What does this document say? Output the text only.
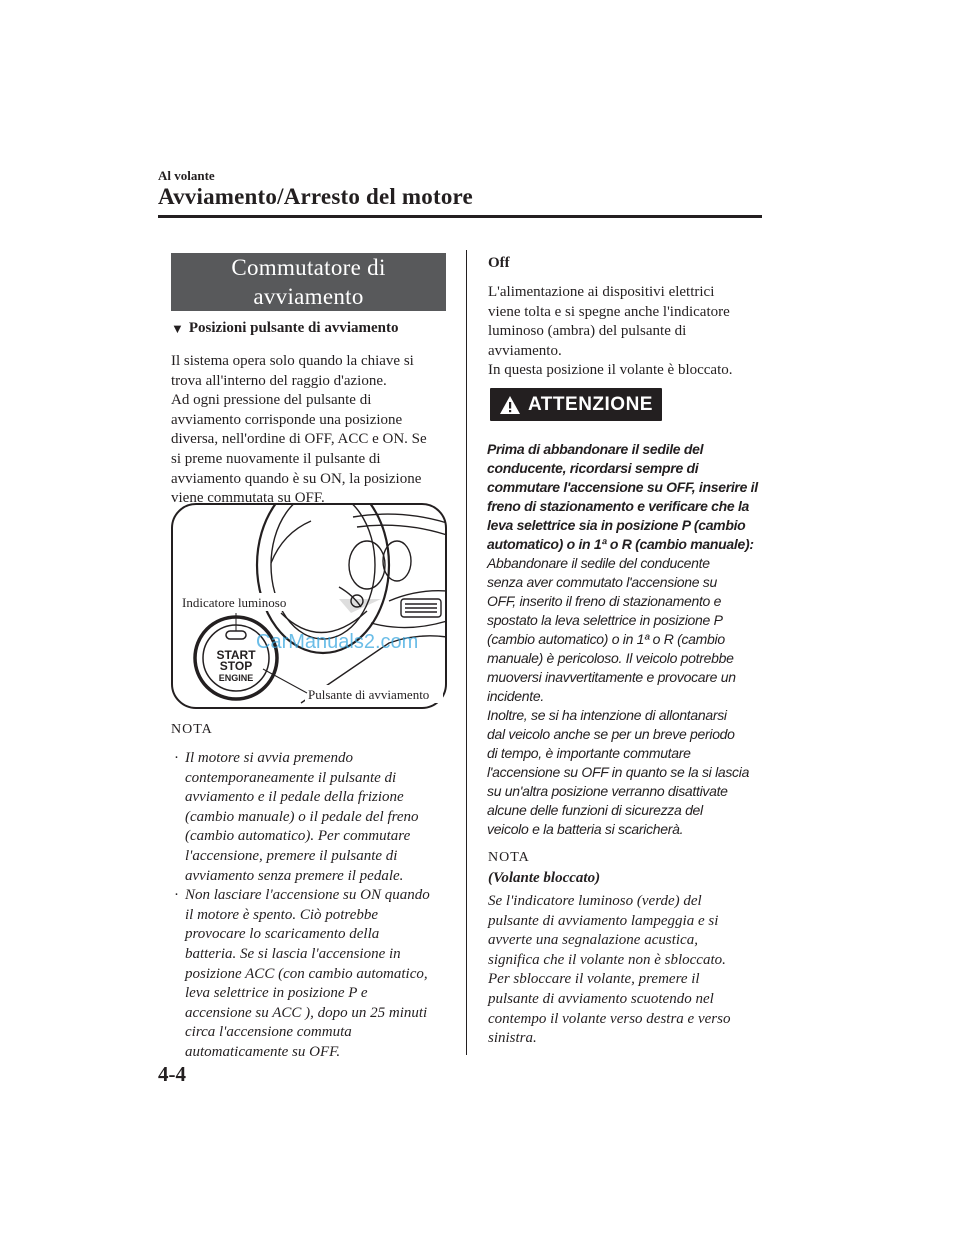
Al volante
Avviamento/Arresto del motore
Commutatore di
avviamento
▼ Posizioni pulsante di avviamento
Il sistema opera solo quando la chiave si
trova all'interno del raggio d'azione.
Ad ogni pressione del pulsante di
avviamento corrisponde una posizione
diversa, nell'ordine di OFF, ACC e ON. Se
si preme nuovamente il pulsante di
avviamento quando è su ON, la posizione
viene commutata su OFF.
START
STOP
ENGINE
Indicatore luminoso
Pulsante di avviamento
CarManuals2.com
NOTA
· Il motore si avvia premendo
contemporaneamente il pulsante di
avviamento e il pedale della frizione
(cambio manuale) o il pedale del freno
(cambio automatico). Per commutare
l'accensione, premere il pulsante di
avviamento senza premere il pedale.
· Non lasciare l'accensione su ON quando
il motore è spento. Ciò potrebbe
provocare lo scaricamento della
batteria. Se si lascia l'accensione in
posizione ACC (con cambio automatico,
leva selettrice in posizione P e
accensione su ACC ), dopo un 25 minuti
circa l'accensione commuta
automaticamente su OFF.
Off
L'alimentazione ai dispositivi elettrici
viene tolta e si spegne anche l'indicatore
luminoso (ambra) del pulsante di
avviamento.
In questa posizione il volante è bloccato.
ATTENZIONE
Prima di abbandonare il sedile del
conducente, ricordarsi sempre di
commutare l'accensione su OFF, inserire il
freno di stazionamento e verificare che la
leva selettrice sia in posizione P (cambio
automatico) o in 1ª o R (cambio manuale):
Abbandonare il sedile del conducente
senza aver commutato l'accensione su
OFF, inserito il freno di stazionamento e
spostato la leva selettrice in posizione P
(cambio automatico) o in 1ª o R (cambio
manuale) è pericoloso. Il veicolo potrebbe
muoversi inavvertitamente e provocare un
incidente.
Inoltre, se si ha intenzione di allontanarsi
dal veicolo anche se per un breve periodo
di tempo, è importante commutare
l'accensione su OFF in quanto se la si lascia
su un'altra posizione verranno disattivate
alcune delle funzioni di sicurezza del
veicolo e la batteria si scaricherà.
NOTA
(Volante bloccato)
Se l'indicatore luminoso (verde) del
pulsante di avviamento lampeggia e si
avverte una segnalazione acustica,
significa che il volante non è sbloccato.
Per sbloccare il volante, premere il
pulsante di avviamento scuotendo nel
contempo il volante verso destra e verso
sinistra.
4-4
